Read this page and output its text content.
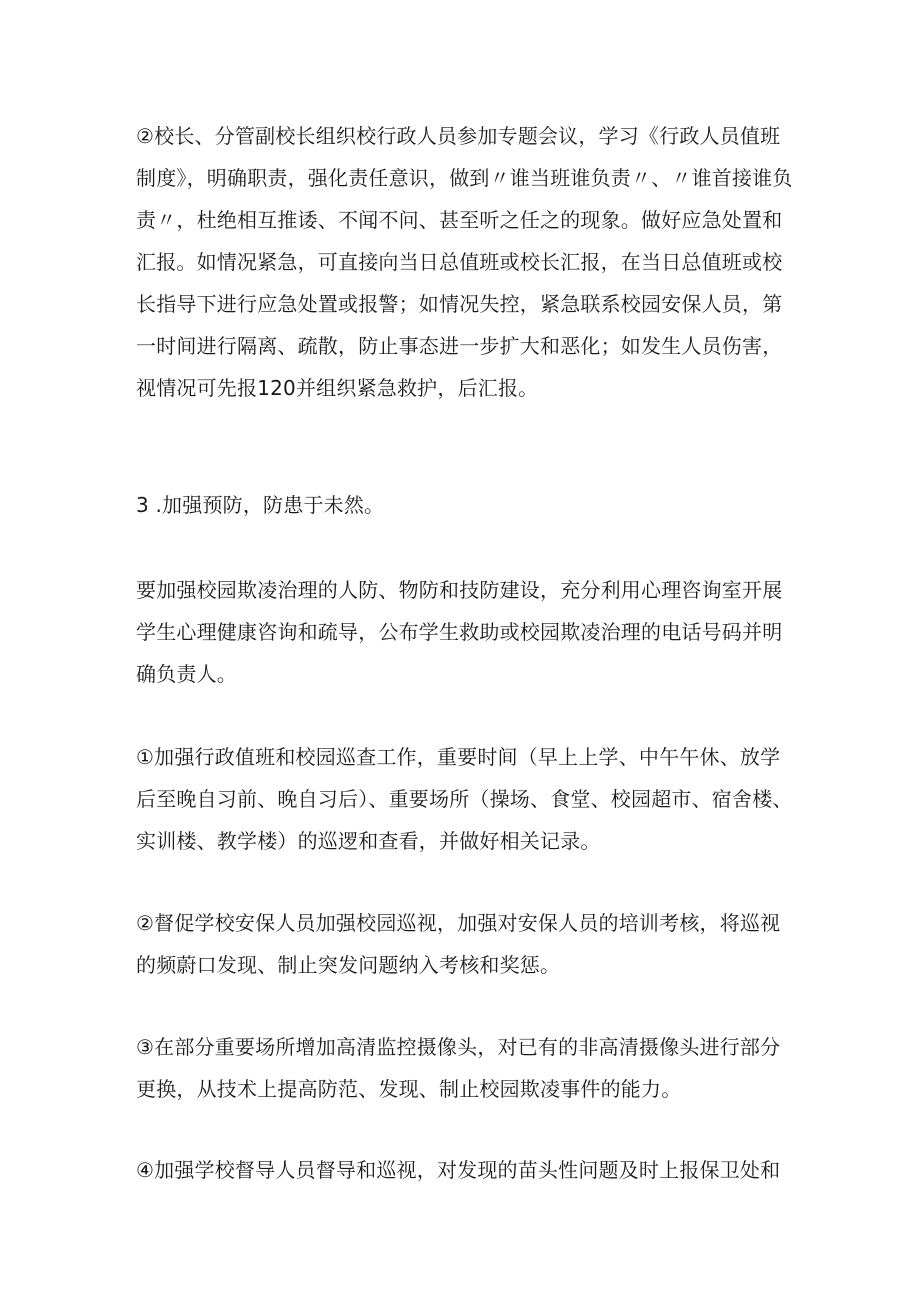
②校长、分管副校长组织校行政人员参加专题会议，学习《行政人员值班
制度》，明确职责，强化责任意识，做到〃谁当班谁负责〃、〃谁首接谁负
责〃，杜绝相互推诿、不闻不问、甚至听之任之的现象。做好应急处置和
汇报。如情况紧急，可直接向当日总值班或校长汇报，在当日总值班或校
长指导下进行应急处置或报警；如情况失控，紧急联系校园安保人员，第
一时间进行隔离、疏散，防止事态进一步扩大和恶化；如发生人员伤害，
视情况可先报120并组织紧急救护，后汇报。

3 .加强预防，防患于未然。

要加强校园欺凌治理的人防、物防和技防建设，充分利用心理咨询室开展
学生心理健康咨询和疏导，公布学生救助或校园欺凌治理的电话号码并明
确负责人。

①加强行政值班和校园巡查工作，重要时间（早上上学、中午午休、放学
后至晚自习前、晚自习后）、重要场所（操场、食堂、校园超市、宿舍楼、
实训楼、教学楼）的巡逻和查看，并做好相关记录。

②督促学校安保人员加强校园巡视，加强对安保人员的培训考核，将巡视
的频蔚口发现、制止突发问题纳入考核和奖惩。

③在部分重要场所增加高清监控摄像头，对已有的非高清摄像头进行部分
更换，从技术上提高防范、发现、制止校园欺凌事件的能力。

④加强学校督导人员督导和巡视，对发现的苗头性问题及时上报保卫处和
